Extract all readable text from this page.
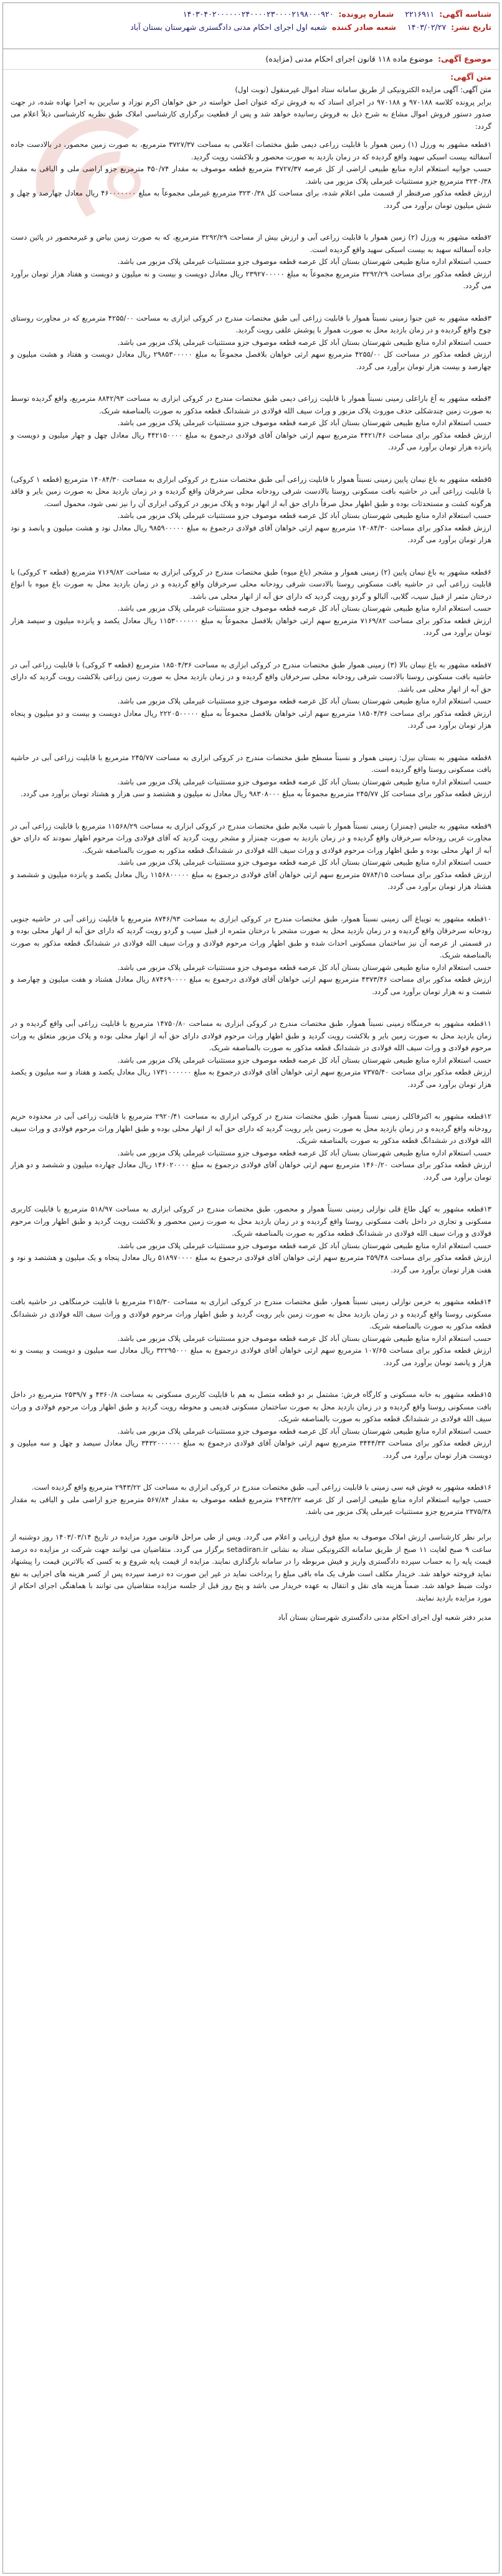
شناسه آگهی: ۲۲۱۶۹۱۱
شماره پرونده: ۱۴۰۳۰۴۰۲۰۰۰۰۰۰۲۴۰۰۰۰۲۳۰۰۰۰۲۱۹۸۰۰۰۹۲۰
تاریخ نشر: ۱۴۰۳/۰۲/۲۷
شعبه صادر کننده شعبه اول اجرای احکام مدنی دادگستری شهرستان بستان آباد
موضوع آگهی: موضوع ماده ۱۱۸ قانون اجرای احکام مدنی (مزایده)
متن آگهی:

متن آگهی: آگهی مزایده الکترونیکی از طریق سامانه ستاد اموال غیرمنقول (نوبت اول)

برابر پرونده کلاسه ۹۷۰۱۸۸ و ۹۷۰۱۸۸ در اجرای اسناد که به فروش ترکه عنوان اصل خواسته در حق خواهان اکرم نوزاد و سایرین به اجرا نهاده شده، در جهت صدور دستور فروش اموال مشاع به شرح ذیل به فروش رسانیده خواهد شد و پس از قطعیت برگزاری کارشناسی املاک طبق نظریه کارشناسی ذیلاً اعلام می گردد:

۱قطعه مشهور به ورزل (۱) زمین هموار با قابلیت زراعی دیمی طبق مختصات اعلامی به مساحت ۳۷۲۷/۳۷ مترمربع، به صورت زمین محصور، در بالادست جاده آسفالته بیست اسبکی سهید واقع گردیده که در زمان بازدید به صورت محصور و بلاکشت رویت گردید.

حسب جوابیه استعلام اداره منابع طبیعی اراضی از کل عرصه ۳۷۲۷/۳۷ مترمربع قطعه موصوف به مقدار ۴۵۰/۷۴ مترمربع جزو اراضی ملی و الباقی به مقدار ۳۲۳۰/۳۸ مترمربع جزو مستثنیات غیرملی پلاک مزبور می باشد.

ارزش قطعه مذکور صرفنظر از قسمت ملی اعلام شده، برای مساحت کل ۳۲۳۰/۳۸ مترمربع غیرملی مجموعاً به مبلغ ۴۶۰۰۰۰۰۰۰ ریال معادل چهارصد و چهل و شش میلیون تومان برآورد می گردد.

۲قطعه مشهور به ورزل (۲) زمین هموار با قابلیت زراعی آبی و ارزش بیش از مساحت ۳۲۹۲/۲۹ مترمربع، که به صورت زمین بیاض و غیرمحصور در پائین دست جاده آسفالته سهید به بیست اسبکی سهید واقع گردیده است.

حسب استعلام اداره منابع طبیعی شهرستان بستان آباد کل عرصه قطعه موصوف جزو مستثنیات غیرملی پلاک مزبور می باشد.

ارزش قطعه مذکور برای مساحت ۳۲۹۲/۲۹ مترمربع مجموعاً به مبلغ ۲۳۹۲۷۰۰۰۰۰ ریال معادل دویست و بیست و نه میلیون و دویست و هفتاد هزار تومان برآورد می گردد.

۳قطعه مشهور به عین جنوا زمینی نسبتاً هموار با قابلیت زراعی آبی طبق مختصات مندرج در کروکی ابزاری به مساحت ۴۲۵۵/۰۰ مترمربع که در مجاورت روستای چوخ واقع گردیده و در زمان بازدید محل به صورت هموار با پوشش علفی رویت گردید.

حسب استعلام اداره منابع طبیعی شهرستان بستان آباد کل عرصه قطعه موصوف جزو مستثنیات غیرملی پلاک مزبور می باشد.

ارزش قطعه مذکور در مساحت کل ۴۲۵۵/۰۰ مترمربع سهم ارثی خواهان بلافصل مجموعاً به مبلغ ۲۹۸۵۳۰۰۰۰۰ ریال معادل دویست و هفتاد و هشت میلیون و چهارصد و بیست هزار تومان برآورد می گردد.

۴قطعه مشهور به آغ باراعلی زمینی نسبتاً هموار با قابلیت زراعی دیمی طبق مختصات مندرج در کروکی ابزاری به مساحت ۸۸۴۲/۹۳ مترمربع، واقع گردیده توسط به صورت زمین چندشکلی حذف موروث پلاک مزبور و وراث سیف الله فولادی در ششدانگ قطعه مذکور به صورت بالمناصفه شریک.

حسب استعلام اداره منابع طبیعی شهرستان بستان آباد کل عرصه قطعه موصوف جزو مستثنیات غیرملی پلاک مزبور می باشد.

ارزش قطعه مذکور برای مساحت ۴۴۲۱/۴۶ مترمربع سهم ارثی خواهان آقای فولادی درجموع به مبلغ ۴۴۲۱۵۰۰۰۰ ریال معادل چهل و چهار میلیون و دویست و پانزده هزار تومان برآورد می گردد.

۵قطعه مشهور به باغ نیمان پایین زمینی نسبتاً هموار با قابلیت زراعی آبی طبق مختصات مندرج در کروکی ابزاری به مساحت ۱۴۰۸۴/۳۰ مترمربع (قطعه ۱ کروکی) با قابلیت زراعی آبی در حاشیه بافت مسکونی روستا بالادست شرقی رودخانه محلی سرخرقان واقع گردیده و در زمان بازدید محل به صورت زمین بایر و فاقد هرگونه کشت و مستحدثات بوده و طبق اظهار محل صرفاً دارای حق آبه از انهار بوده و پلاک مزبور در کروکی ابزاری آن را نیز نمی شود، محمول است.

حسب استعلام اداره منابع طبیعی شهرستان بستان آباد کل عرصه قطعه موصوف جزو مستثنیات غیرملی پلاک مزبور می باشد.

ارزش قطعه مذکور برای مساحت ۱۴۰۸۴/۳۰ مترمربع سهم ارثی خواهان آقای فولادی درجموع به مبلغ ۹۸۵۹۰۰۰۰۰ ریال معادل نود و هشت میلیون و پانصد و نود هزار تومان برآورد می گردد.

۶قطعه مشهور به باغ نیمان پایین (۲) زمینی هموار و مشجر (باغ میوه) طبق مختصات مندرج در کروکی ابزاری به مساحت ۷۱۶۹/۸۲ مترمربع (قطعه ۲ کروکی) با قابلیت زراعی آبی در حاشیه بافت مسکونی روستا بالادست شرقی رودخانه محلی سرخرقان واقع گردیده و در زمان بازدید محل به صورت باغ میوه با انواع درختان مثمر از قبیل سیب، گلابی، آلبالو و گردو رویت گردید که دارای حق آبه از انهار محلی می باشد.

حسب استعلام اداره منابع طبیعی شهرستان بستان آباد کل عرصه قطعه موصوف جزو مستثنیات غیرملی پلاک مزبور می باشد.

ارزش قطعه مذکور برای مساحت ۷۱۶۹/۸۲ مترمربع سهم ارثی خواهان بلافصل مجموعاً به مبلغ ۱۱۵۳۰۰۰۰۰۰ ریال معادل یکصد و پانزده میلیون و سیصد هزار تومان برآورد می گردد.

۷قطعه مشهور به باغ نیمان بالا (۳) زمینی هموار طبق مختصات مندرج در کروکی ابزاری به مساحت ۱۸۵۰۴/۳۶ مترمربع (قطعه ۳ کروکی) با قابلیت زراعی آبی در حاشیه بافت مسکونی روستا بالادست شرقی رودخانه محلی سرخرقان واقع گردیده و در زمان بازدید محل به صورت زمین زراعی بلاکشت رویت گردید که دارای حق آبه از انهار محلی می باشد.

حسب استعلام اداره منابع طبیعی شهرستان بستان آباد کل عرصه قطعه موصوف جزو مستثنیات غیرملی پلاک مزبور می باشد.

ارزش قطعه مذکور برای مساحت ۱۸۵۰۴/۳۶ مترمربع سهم ارثی خواهان بلافصل مجموعاً به مبلغ ۲۲۲۰۵۰۰۰۰۰ ریال معادل دویست و بیست و دو میلیون و پنجاه هزار تومان برآورد می گردد.

۸قطعه مشهور به بستان بیزل: زمینی هموار و نسبتاً مسطح طبق مختصات مندرج در کروکی ابزاری به مساحت ۲۴۵/۷۷ مترمربع با قابلیت زراعی آبی در حاشیه بافت مسکونی روستا واقع گردیده است.

حسب استعلام اداره منابع طبیعی شهرستان بستان آباد کل عرصه قطعه موصوف جزو مستثنیات غیرملی پلاک مزبور می باشد.

ارزش قطعه مذکور برای مساحت کل ۲۴۵/۷۷ مترمربع مجموعاً به مبلغ ۹۸۳۰۸۰۰۰ ریال معادل نه میلیون و هشتصد و سی هزار و هشتاد تومان برآورد می گردد.

۹قطعه مشهور به جلیس (چمنزار) زمینی نسبتاً هموار با شیب ملایم طبق مختصات مندرج در کروکی ابزاری به مساحت ۱۱۵۶۸/۲۹ مترمربع با قابلیت زراعی آبی در مجاورت غربی رودخانه سرخرقان واقع گردیده و در زمان بازدید به صورت چمنزار و مشجر رویت گردید که آقای فولادی وراث مرحوم اظهار نمودند که دارای حق آبه از انهار محلی بوده و طبق اظهار وراث مرحوم فولادی و وراث سیف الله فولادی در ششدانگ قطعه مذکور به صورت بالمناصفه شریک.

حسب استعلام اداره منابع طبیعی شهرستان بستان آباد کل عرصه قطعه موصوف جزو مستثنیات غیرملی پلاک مزبور می باشد.

ارزش قطعه مذکور برای مساحت ۵۷۸۴/۱۵ مترمربع سهم ارثی خواهان آقای فولادی درجموع به مبلغ ۱۱۵۶۸۰۰۰۰۰ ریال معادل یکصد و پانزده میلیون و ششصد و هشتاد هزار تومان برآورد می گردد.

۱۰قطعه مشهور به تویباغ آلی زمینی نسبتاً هموار، طبق مختصات مندرج در کروکی ابزاری به مساحت ۸۷۴۶/۹۳ مترمربع با قابلیت زراعی آبی در حاشیه جنوبی رودخانه سرخرقان واقع گردیده و در زمان بازدید محل به صورت مشجر با درختان مثمره از قبیل سیب و گردو رویت گردید که دارای حق آبه از انهار محلی بوده و در قسمتی از عرصه آن نیز ساختمان مسکونی احداث شده و طبق اظهار وراث مرحوم فولادی و وراث سیف الله فولادی در ششدانگ قطعه مذکور به صورت بالمناصفه شریک.

حسب استعلام اداره منابع طبیعی شهرستان بستان آباد کل عرصه قطعه موصوف جزو مستثنیات غیرملی پلاک مزبور می باشد.

ارزش قطعه مذکور برای مساحت ۴۳۷۳/۴۶ مترمربع سهم ارثی خواهان آقای فولادی درجموع به مبلغ ۸۷۴۶۹۰۰۰۰ ریال معادل هشتاد و هفت میلیون و چهارصد و شصت و نه هزار تومان برآورد می گردد.

۱۱قطعه مشهور به خرمنگاه زمینی نسبتاً هموار، طبق مختصات مندرج در کروکی ابزاری به مساحت ۱۴۷۵۰/۸۰ مترمربع با قابلیت زراعی آبی واقع گردیده و در زمان بازدید محل به صورت زمین بایر و بلاکشت رویت گردید و طبق اظهار وراث مرحوم فولادی دارای حق آبه از انهار محلی بوده و پلاک مزبور متعلق به وراث مرحوم فولادی و وراث سیف الله فولادی در ششدانگ قطعه مذکور به صورت بالمناصفه شریک.

حسب استعلام اداره منابع طبیعی شهرستان بستان آباد کل عرصه قطعه موصوف جزو مستثنیات غیرملی پلاک مزبور می باشد.

ارزش قطعه مذکور برای مساحت ۷۳۷۵/۴۰ مترمربع سهم ارثی خواهان آقای فولادی درجموع به مبلغ ۱۷۳۱۰۰۰۰۰۰ ریال معادل یکصد و هفتاد و سه میلیون و یکصد هزار تومان برآورد می گردد.

۱۲قطعه مشهور به اکبرفاکلی زمینی نسبتاً هموار، طبق مختصات مندرج در کروکی ابزاری به مساحت ۲۹۲۰/۴۱ مترمربع با قابلیت زراعی آبی در محدوده حریم رودخانه واقع گردیده و در زمان بازدید محل به صورت زمین بایر رویت گردید که دارای حق آبه از انهار محلی بوده و طبق اظهار وراث مرحوم فولادی و وراث سیف الله فولادی در ششدانگ قطعه مذکور به صورت بالمناصفه شریک.

حسب استعلام اداره منابع طبیعی شهرستان بستان آباد کل عرصه قطعه موصوف جزو مستثنیات غیرملی پلاک مزبور می باشد.

ارزش قطعه مذکور برای مساحت ۱۴۶۰/۲۰ مترمربع سهم ارثی خواهان آقای فولادی درجموع به مبلغ ۱۴۶۰۲۰۰۰۰ ریال معادل چهارده میلیون و ششصد و دو هزار تومان برآورد می گردد.

۱۳قطعه مشهور به کهل طاغ قلی نوازلی زمینی نسبتاً هموار و محصور، طبق مختصات مندرج در کروکی ابزاری به مساحت ۵۱۸/۹۷ مترمربع با قابلیت کاربری مسکونی و تجاری در داخل بافت مسکونی روستا واقع گردیده و در زمان بازدید محل به صورت زمین محصور و بلاکشت رویت گردید و طبق اظهار وراث مرحوم فولادی و وراث سیف الله فولادی در ششدانگ قطعه مذکور به صورت بالمناصفه شریک.

حسب استعلام اداره منابع طبیعی شهرستان بستان آباد کل عرصه قطعه موصوف جزو مستثنیات غیرملی پلاک مزبور می باشد.

ارزش قطعه مذکور برای مساحت ۲۵۹/۴۸ مترمربع سهم ارثی خواهان آقای فولادی درجموع به مبلغ ۵۱۸۹۷۰۰۰۰ ریال معادل پنجاه و یک میلیون و هشتصد و نود و هفت هزار تومان برآورد می گردد.

۱۴قطعه مشهور به خرمن نوازلی زمینی نسبتاً هموار، طبق مختصات مندرج در کروکی ابزاری به مساحت ۲۱۵/۳۰ مترمربع با قابلیت خرمنگاهی در حاشیه بافت مسکونی روستا واقع گردیده و در زمان بازدید محل به صورت زمین بایر رویت گردید و طبق اظهار وراث مرحوم فولادی و وراث سیف الله فولادی در ششدانگ قطعه مذکور به صورت بالمناصفه شریک.

حسب استعلام اداره منابع طبیعی شهرستان بستان آباد کل عرصه قطعه موصوف جزو مستثنیات غیرملی پلاک مزبور می باشد.

ارزش قطعه مذکور برای مساحت ۱۰۷/۶۵ مترمربع سهم ارثی خواهان آقای فولادی درجموع به مبلغ ۳۲۲۹۵۰۰۰ ریال معادل سه میلیون و دویست و بیست و نه هزار و پانصد تومان برآورد می گردد.

۱۵قطعه مشهور به خانه مسکونی و کارگاه فرش: مشتمل بر دو قطعه متصل به هم با قابلیت کاربری مسکونی به مساحت ۴۳۶۰/۸ و ۲۵۳۹/۷ مترمربع در داخل بافت مسکونی روستا واقع گردیده و در زمان بازدید محل به صورت ساختمان مسکونی قدیمی و محوطه رویت گردید و طبق اظهار وراث مرحوم فولادی و وراث سیف الله فولادی در ششدانگ قطعه مذکور به صورت بالمناصفه شریک.

حسب استعلام اداره منابع طبیعی شهرستان بستان آباد کل عرصه قطعه موصوف جزو مستثنیات غیرملی پلاک مزبور می باشد.

ارزش قطعه مذکور برای مساحت ۳۴۴۴/۳۳ مترمربع سهم ارثی خواهان آقای فولادی درجموع به مبلغ ۳۴۳۲۰۰۰۰۰۰ ریال معادل سیصد و چهل و سه میلیون و دویست هزار تومان برآورد می گردد.

۱۶قطعه مشهور به قوش قیه سی زمینی با قابلیت زراعی آبی، طبق مختصات مندرج در کروکی ابزاری به مساحت کل ۲۹۴۳/۲۲ مترمربع واقع گردیده است.

حسب جوابیه استعلام اداره منابع طبیعی اراضی از کل عرصه ۲۹۴۳/۲۲ مترمربع قطعه موصوف به مقدار ۵۶۷/۸۴ مترمربع جزو اراضی ملی و الباقی به مقدار ۲۳۷۵/۳۸ مترمربع جزو مستثنیات غیرملی پلاک مزبور می باشد.

برابر نظر کارشناسی ارزش املاک موصوف به مبلغ فوق ارزیابی و اعلام می گردد. ویس از طی مراحل قانونی مورد مزایده در تاریخ ۱۴۰۳/۰۳/۱۴ روز دوشنبه از ساعت ۹ صبح لغایت ۱۱ صبح از طریق سامانه الکترونیکی ستاد به نشانی setadiran.ir برگزار می گردد. متقاضیان می توانند جهت شرکت در مزایده ده درصد قیمت پایه را به حساب سپرده دادگستری واریز و فیش مربوطه را در سامانه بارگذاری نمایند. مزایده از قیمت پایه شروع و به کسی که بالاترین قیمت را پیشنهاد نماید فروخته خواهد شد. خریدار مکلف است ظرف یک ماه باقی مبلغ را پرداخت نماید در غیر این صورت ده درصد سپرده پس از کسر هزینه های اجرایی به نفع دولت ضبط خواهد شد. ضمناً هزینه های نقل و انتقال به عهده خریدار می باشد و پنج روز قبل از جلسه مزایده متقاضیان می توانند با هماهنگی اجرای احکام از مورد مزایده بازدید نمایند.

مدیر دفتر شعبه اول اجرای احکام مدنی دادگستری شهرستان بستان آباد
